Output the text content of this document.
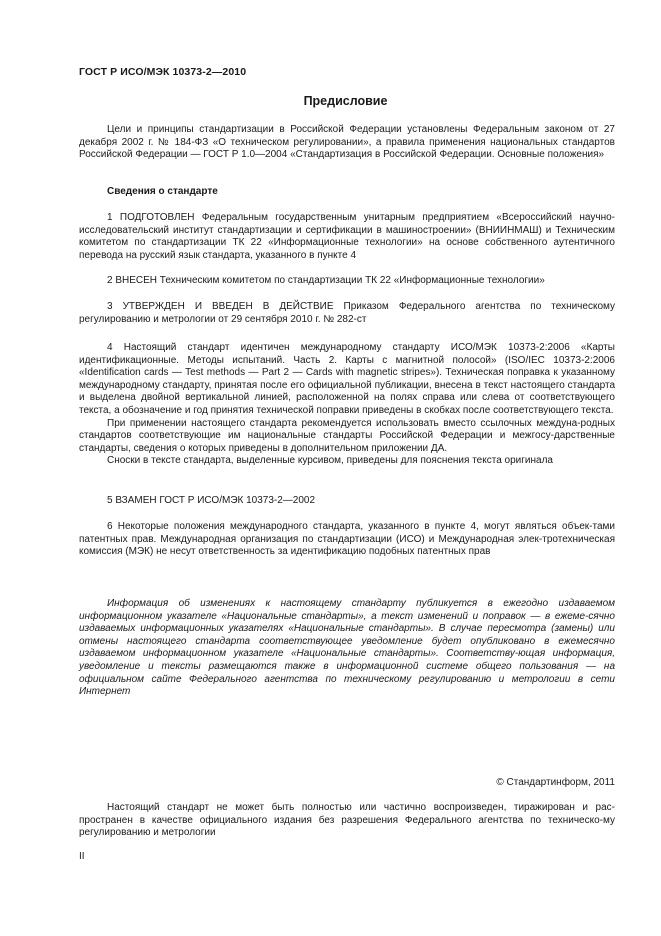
ГОСТ Р ИСО/МЭК 10373-2—2010
Предисловие

Цели и принципы стандартизации в Российской Федерации установлены Федеральным законом от 27 декабря 2002 г. № 184-ФЗ «О техническом регулировании», а правила применения национальных стандартов Российской Федерации — ГОСТ Р 1.0—2004 «Стандартизация в Российской Федерации. Основные положения»

Сведения о стандарте

1 ПОДГОТОВЛЕН Федеральным государственным унитарным предприятием «Всероссийский научно-исследовательский институт стандартизации и сертификации в машиностроении» (ВНИИНМАШ) и Техническим комитетом по стандартизации ТК 22 «Информационные технологии» на основе собственного аутентичного перевода на русский язык стандарта, указанного в пункте 4

2 ВНЕСЕН Техническим комитетом по стандартизации ТК 22 «Информационные технологии»

3 УТВЕРЖДЕН И ВВЕДЕН В ДЕЙСТВИЕ Приказом Федерального агентства по техническому регулированию и метрологии от 29 сентября 2010 г. № 282-ст

4 Настоящий стандарт идентичен международному стандарту ИСО/МЭК 10373-2:2006 «Карты идентификационные. Методы испытаний. Часть 2. Карты с магнитной полосой» (ISO/IEC 10373-2:2006 «Identification cards — Test methods — Part 2 — Cards with magnetic stripes»). Техническая поправка к указанному международному стандарту, принятая после его официальной публикации, внесена в текст настоящего стандарта и выделена двойной вертикальной линией, расположенной на полях справа или слева от соответствующего текста, а обозначение и год принятия технической поправки приведены в скобках после соответствующего текста.

При применении настоящего стандарта рекомендуется использовать вместо ссылочных междуна-родных стандартов соответствующие им национальные стандарты Российской Федерации и межгосу-дарственные стандарты, сведения о которых приведены в дополнительном приложении ДА.

Сноски в тексте стандарта, выделенные курсивом, приведены для пояснения текста оригинала

5 ВЗАМЕН ГОСТ Р ИСО/МЭК 10373-2—2002

6 Некоторые положения международного стандарта, указанного в пункте 4, могут являться объек-тами патентных прав. Международная организация по стандартизации (ИСО) и Международная элек-тротехническая комиссия (МЭК) не несут ответственность за идентификацию подобных патентных прав

Информация об изменениях к настоящему стандарту публикуется в ежегодно издаваемом информационном указателе «Национальные стандарты», а текст изменений и поправок — в ежеме-сячно издаваемых информационных указателях «Национальные стандарты». В случае пересмотра (замены) или отмены настоящего стандарта соответствующее уведомление будет опубликовано в ежемесячно издаваемом информационном указателе «Национальные стандарты». Соответству-ющая информация, уведомление и тексты размещаются также в информационной системе общего пользования — на официальном сайте Федерального агентства по техническому регулированию и метрологии в сети Интернет

© Стандартинформ, 2011

Настоящий стандарт не может быть полностью или частично воспроизведен, тиражирован и рас-пространен в качестве официального издания без разрешения Федерального агентства по техническо-му регулированию и метрологии

II
